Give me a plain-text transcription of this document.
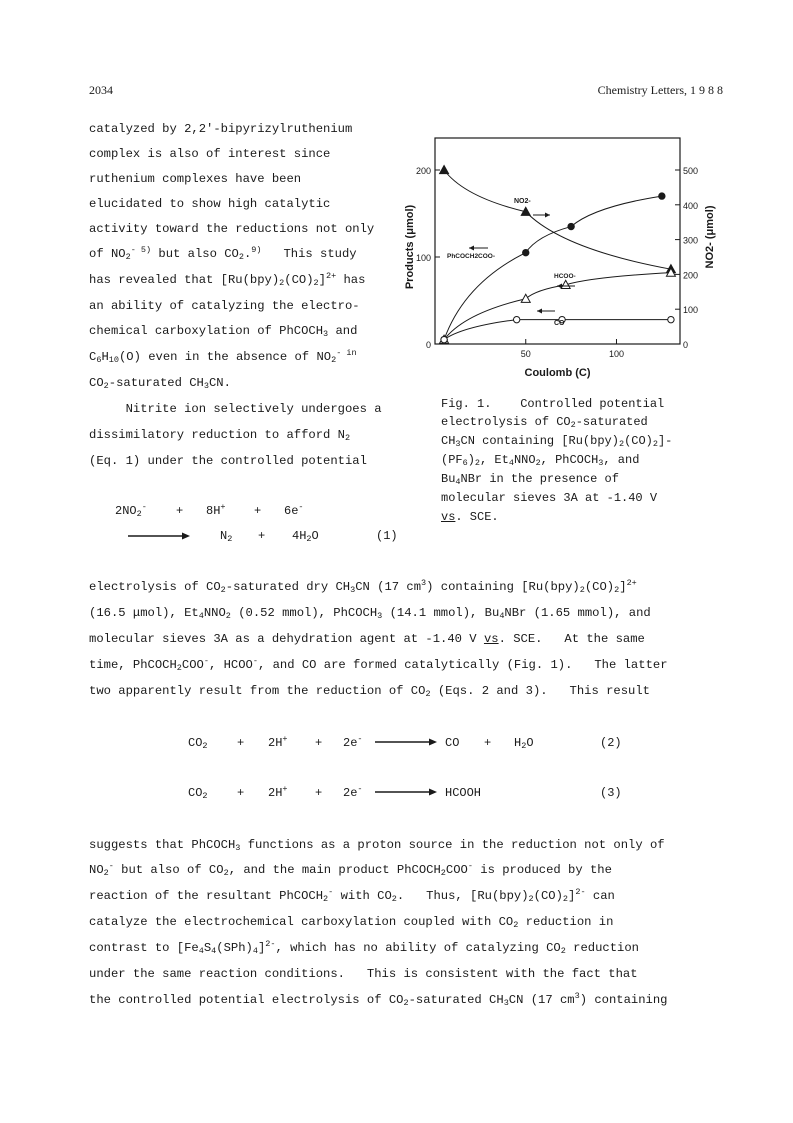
2034	Chemistry Letters, 1 9 8 8
catalyzed by 2,2'-bipyrizylruthenium
complex is also of interest since
ruthenium complexes have been
elucidated to show high catalytic
activity toward the reductions not only
of $NO_2^-$ $^{5)}$ but also $CO_2.^{9)}$   This study
has revealed that $[Ru(bpy)_2(CO)_2]^{2+}$ has
an ability of catalyzing the electro-
chemical carboxylation of PhCOCH$_3$ and
$C_6H_{10}(O)$ even in the absence of $NO_2^{- in}$
$CO_2$-saturated $CH_3CN$.
Nitrite ion selectively undergoes a
dissimilatory reduction to afford $N_2$
(Eq. 1) under the controlled potential
$2NO_2^- + 8H^+ + 6e^-$
$N_2 + 4H_2O$	(1)
200
100
0
500
400
300
200
100
0
50	100
Products (μmol)	NO2- (μmol)
Coulomb (C)
NO2-
PhCOCH2COO-
HCOO-
CO
Fig. 1.    Controlled potential
electrolysis of $CO_2$-saturated
$CH_3CN$ containing $[Ru(bpy)_2(CO)_2]-$
$(PF_6)_2$, $Et_4NNO_2$, PhCOCH$_3$, and
$Bu_4NBr$ in the presence of
molecular sieves 3A at -1.40 V
vs. SCE.
electrolysis of $CO_2$-saturated dry $CH_3CN$ (17 $cm^3$) containing $[Ru(bpy)_2(CO)_2]^{2+}$
(16.5 μmol), $Et_4NNO_2$ (0.52 mmol), PhCOCH$_3$ (14.1 mmol), $Bu_4NBr$ (1.65 mmol), and
molecular sieves 3A as a dehydration agent at -1.40 V vs. SCE.   At the same
time, PhCOCH$_2$COO-, HCOO-, and CO are formed catalytically (Fig. 1).   The latter
two apparently result from the reduction of $CO_2$ (Eqs. 2 and 3).   This result
$CO_2 + 2H^+ + 2e^-$ → CO + $H_2O$	(2)
$CO_2 + 2H^+ + 2e^-$ → HCOOH	(3)
suggests that PhCOCH$_3$ functions as a proton source in the reduction not only of
$NO_2^-$ but also of $CO_2$, and the main product PhCOCH$_2$COO- is produced by the
reaction of the resultant PhCOCH$_2$- with $CO_2$.   Thus, $[Ru(bpy)_2(CO)_2]^{2-}$ can
catalyze the electrochemical carboxylation coupled with $CO_2$ reduction in
contrast to $[Fe_4S_4(SPh)_4]^{2-}$, which has no ability of catalyzing $CO_2$ reduction
under the same reaction conditions.   This is consistent with the fact that
the controlled potential electrolysis of $CO_2$-saturated $CH_3CN$ (17 $cm^3$) containing
